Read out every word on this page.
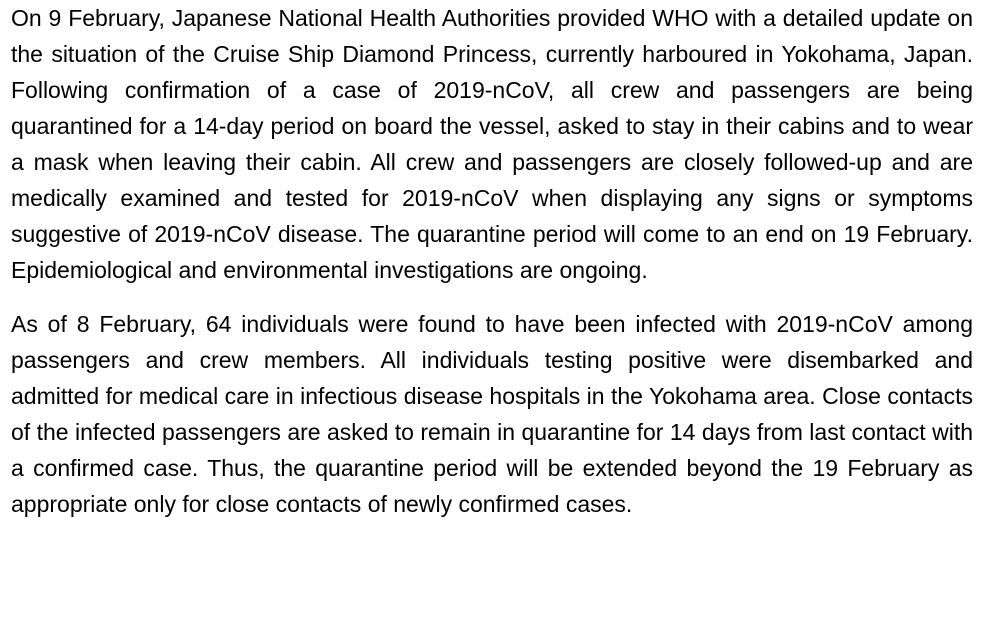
On 9 February, Japanese National Health Authorities provided WHO with a detailed update on the situation of the Cruise Ship Diamond Princess, currently harboured in Yokohama, Japan. Following confirmation of a case of 2019-nCoV, all crew and passengers are being quarantined for a 14-day period on board the vessel, asked to stay in their cabins and to wear a mask when leaving their cabin. All crew and passengers are closely followed-up and are medically examined and tested for 2019-nCoV when displaying any signs or symptoms suggestive of 2019-nCoV disease. The quarantine period will come to an end on 19 February. Epidemiological and environmental investigations are ongoing.

As of 8 February, 64 individuals were found to have been infected with 2019-nCoV among passengers and crew members. All individuals testing positive were disembarked and admitted for medical care in infectious disease hospitals in the Yokohama area. Close contacts of the infected passengers are asked to remain in quarantine for 14 days from last contact with a confirmed case. Thus, the quarantine period will be extended beyond the 19 February as appropriate only for close contacts of newly confirmed cases.
